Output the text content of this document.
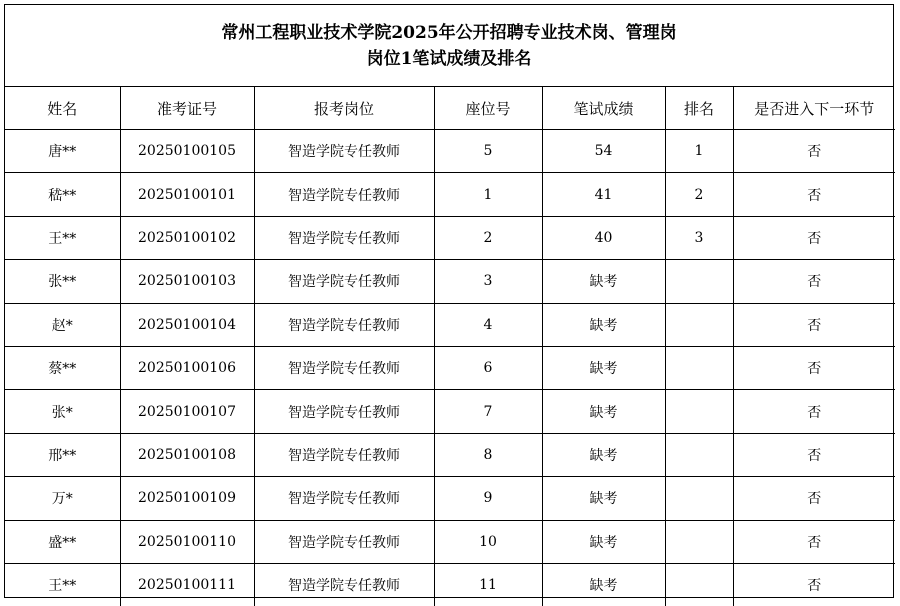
常州工程职业技术学院2025年公开招聘专业技术岗、管理岗
岗位1笔试成绩及排名
姓名	准考证号	报考岗位	座位号	笔试成绩	排名	是否进入下一环节
唐**	20250100105	智造学院专任教师	5	54	1	否
嵇**	20250100101	智造学院专任教师	1	41	2	否
王**	20250100102	智造学院专任教师	2	40	3	否
张**	20250100103	智造学院专任教师	3	缺考		否
赵*	20250100104	智造学院专任教师	4	缺考		否
蔡**	20250100106	智造学院专任教师	6	缺考		否
张*	20250100107	智造学院专任教师	7	缺考		否
邢**	20250100108	智造学院专任教师	8	缺考		否
万*	20250100109	智造学院专任教师	9	缺考		否
盛**	20250100110	智造学院专任教师	10	缺考		否
王**	20250100111	智造学院专任教师	11	缺考		否
